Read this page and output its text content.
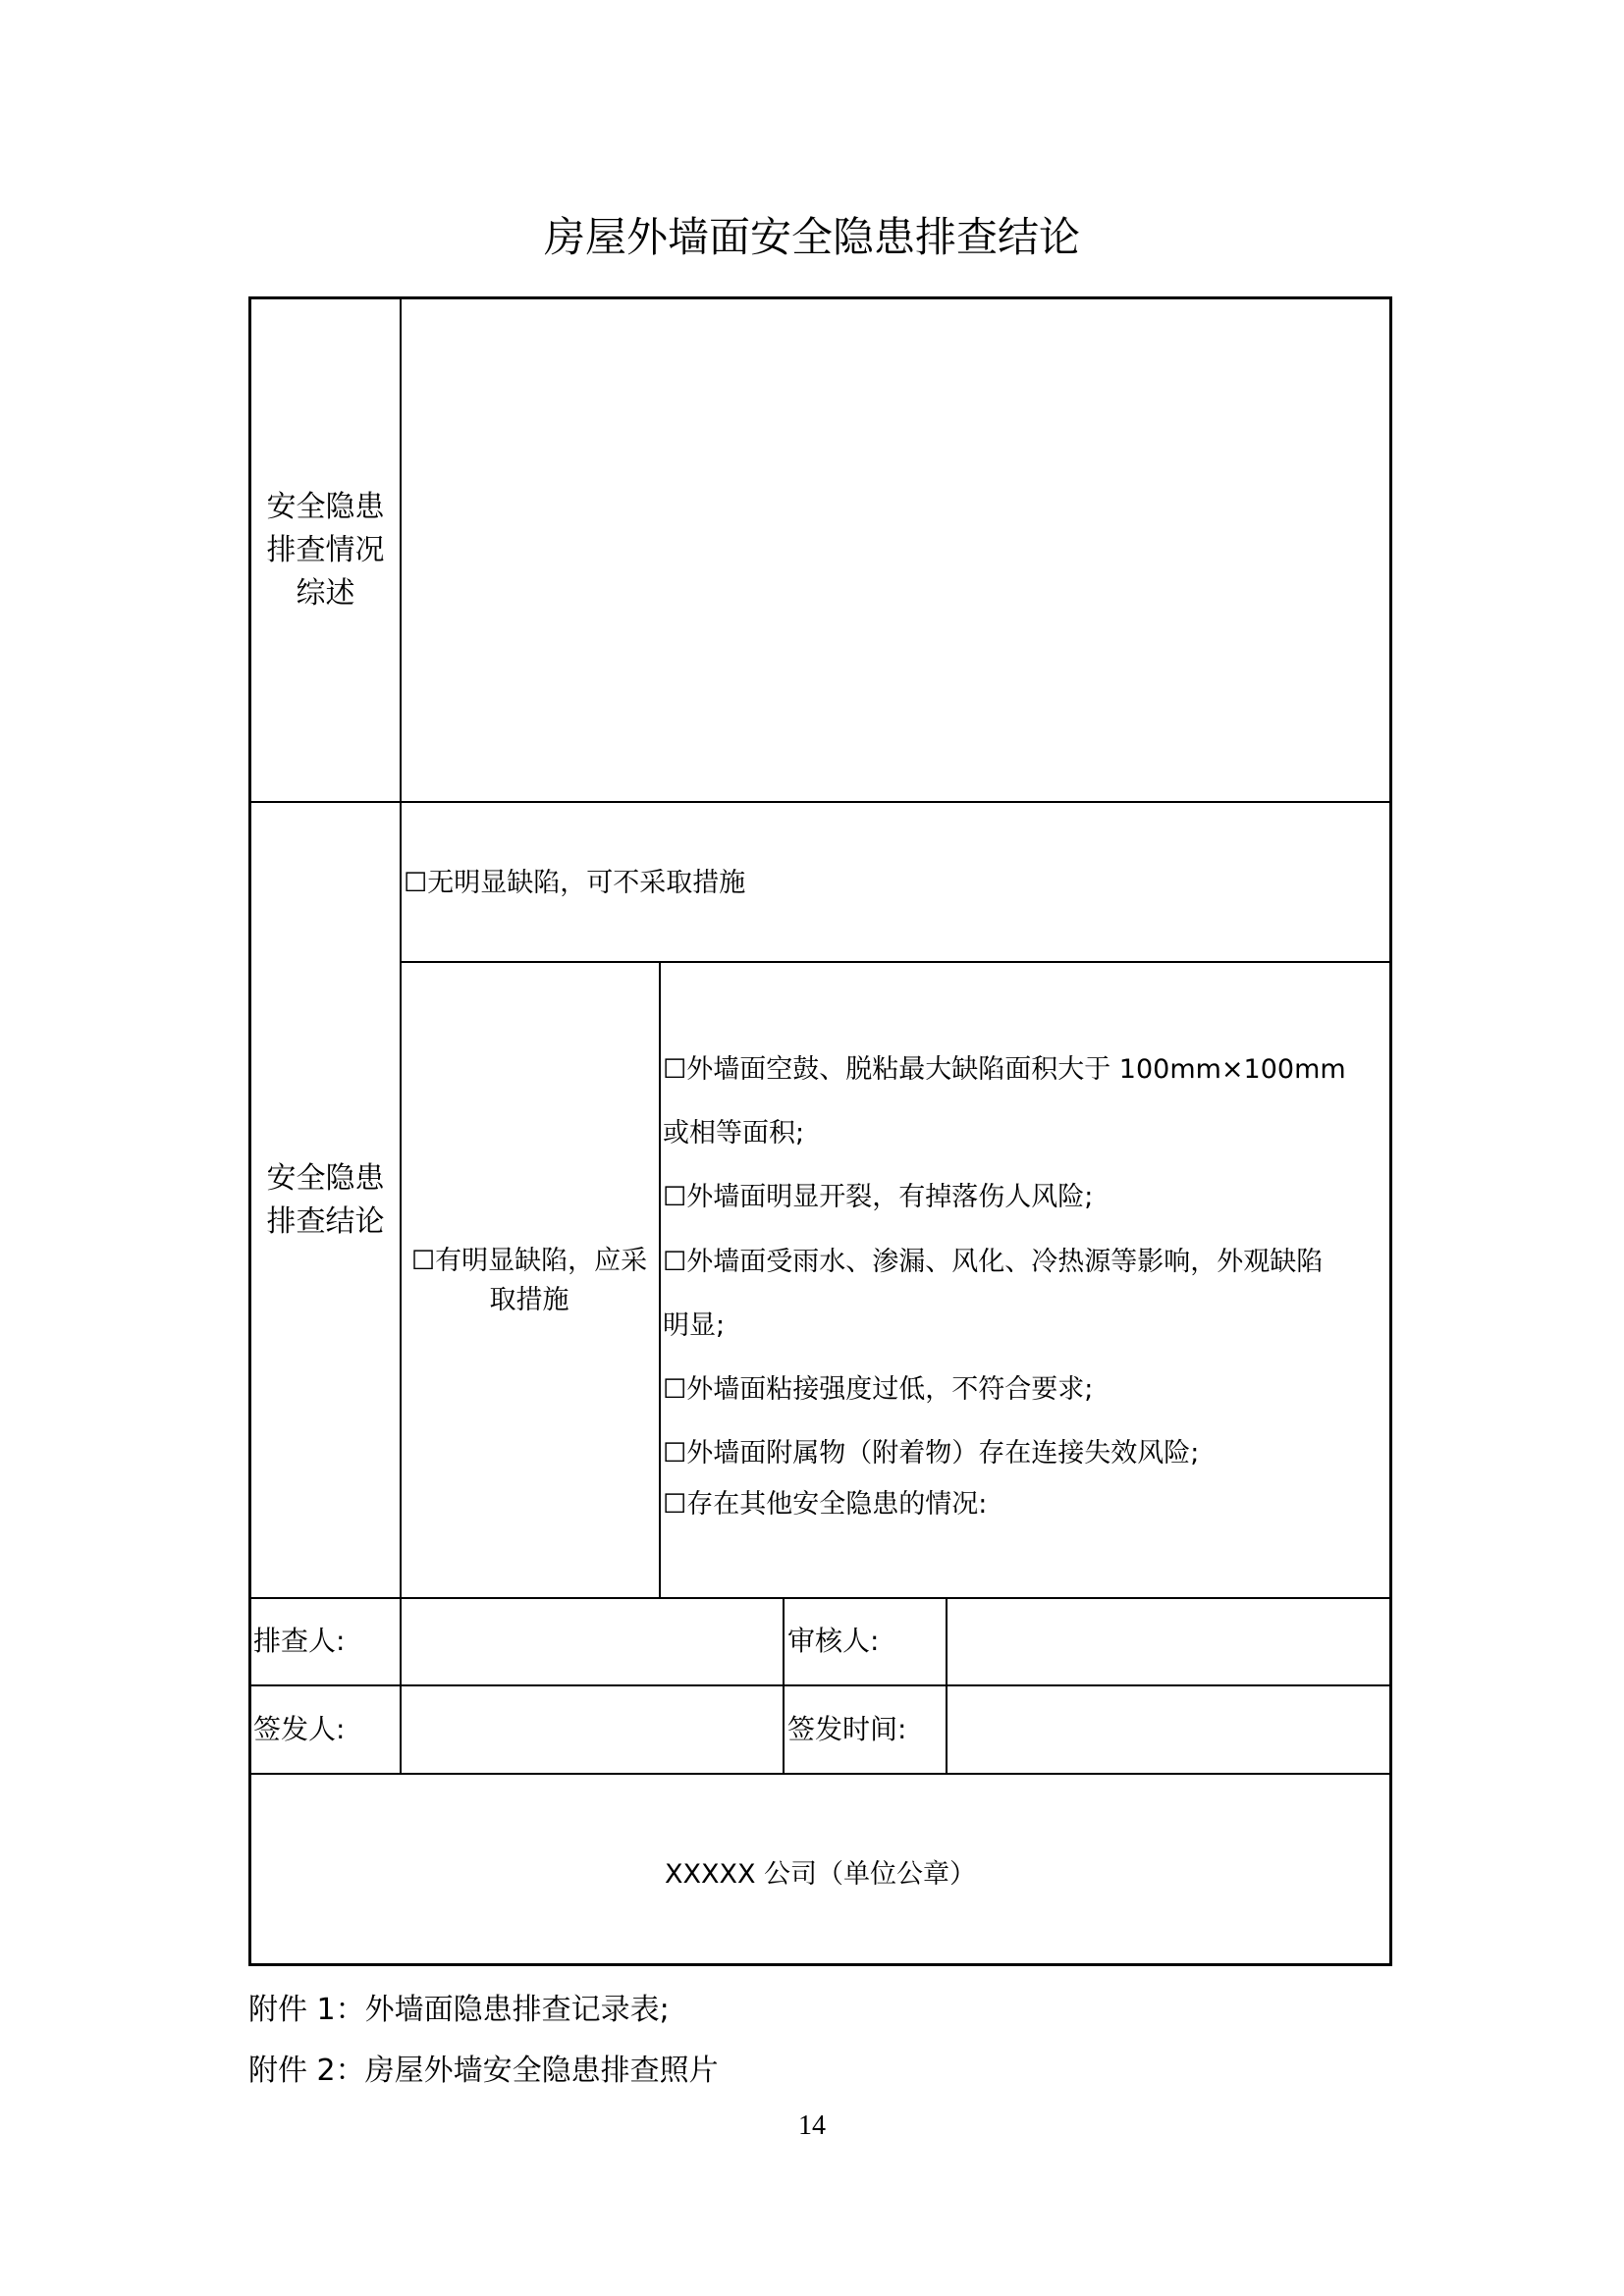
房屋外墙面安全隐患排查结论
安全隐患
排查情况
综述
安全隐患
排查结论
☐无明显缺陷，可不采取措施
☐有明显缺陷，应采取措施
☐外墙面空鼓、脱粘最大缺陷面积大于 100mm×100mm
或相等面积;
☐外墙面明显开裂，有掉落伤人风险;
☐外墙面受雨水、渗漏、风化、冷热源等影响，外观缺陷
明显;
☐外墙面粘接强度过低，不符合要求;
☐外墙面附属物（附着物）存在连接失效风险;
☐存在其他安全隐患的情况:
排查人:	审核人:
签发人:	签发时间:
XXXXX 公司（单位公章）
附件 1：外墙面隐患排查记录表;
附件 2：房屋外墙安全隐患排查照片
14
